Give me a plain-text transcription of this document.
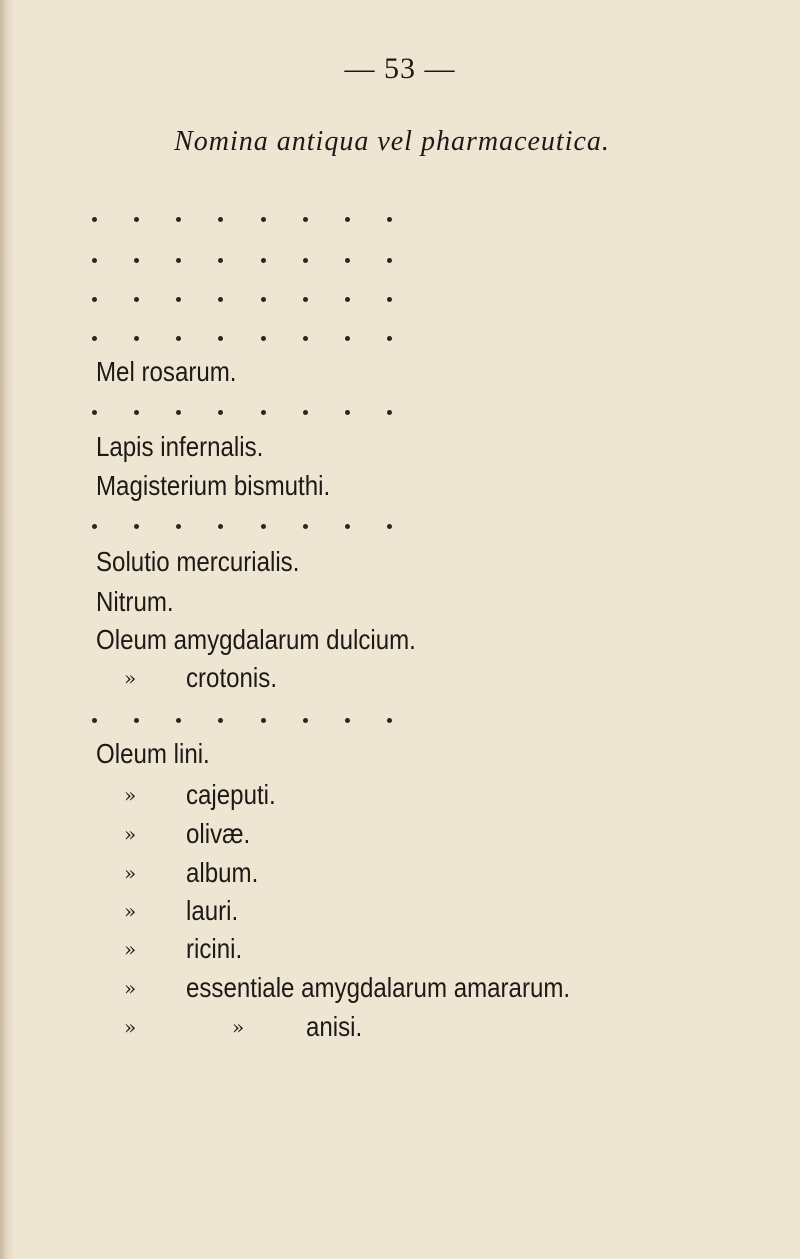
— 53 —
Nomina antiqua vel pharmaceutica.
Mel rosarum.
Lapis infernalis.
Magisterium bismuthi.
Solutio mercurialis.
Nitrum.
Oleum amygdalarum dulcium.
» crotonis.
Oleum lini.
» cajeputi.
» olivæ.
» album.
» lauri.
» ricini.
» essentiale amygdalarum amararum.
»	» anisi.
